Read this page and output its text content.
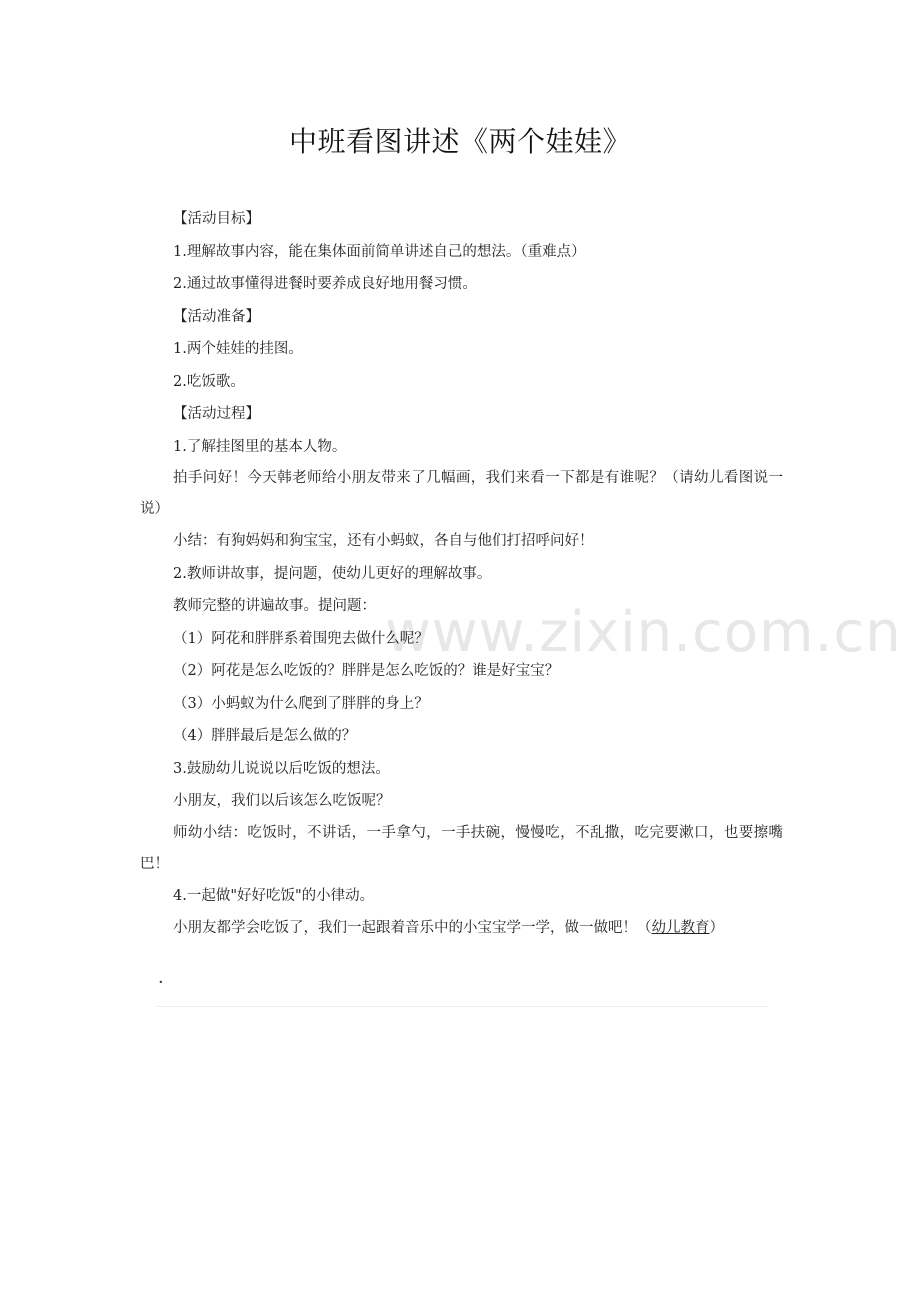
中班看图讲述《两个娃娃》
www.zixin.com.cn
【活动目标】
1.理解故事内容，能在集体面前简单讲述自己的想法。（重难点）
2.通过故事懂得进餐时要养成良好地用餐习惯。
【活动准备】
1.两个娃娃的挂图。
2.吃饭歌。
【活动过程】
1.了解挂图里的基本人物。
拍手问好！今天韩老师给小朋友带来了几幅画，我们来看一下都是有谁呢？（请幼儿看图说一说）
小结：有狗妈妈和狗宝宝，还有小蚂蚁，各自与他们打招呼问好！
2.教师讲故事，提问题，使幼儿更好的理解故事。
教师完整的讲遍故事。提问题：
（1）阿花和胖胖系着围兜去做什么呢？
（2）阿花是怎么吃饭的？胖胖是怎么吃饭的？谁是好宝宝？
（3）小蚂蚁为什么爬到了胖胖的身上？
（4）胖胖最后是怎么做的？
3.鼓励幼儿说说以后吃饭的想法。
小朋友，我们以后该怎么吃饭呢？
师幼小结：吃饭时，不讲话，一手拿勺，一手扶碗，慢慢吃，不乱撒，吃完要漱口，也要擦嘴巴！
4.一起做"好好吃饭"的小律动。
小朋友都学会吃饭了，我们一起跟着音乐中的小宝宝学一学，做一做吧！（幼儿教育）
·
